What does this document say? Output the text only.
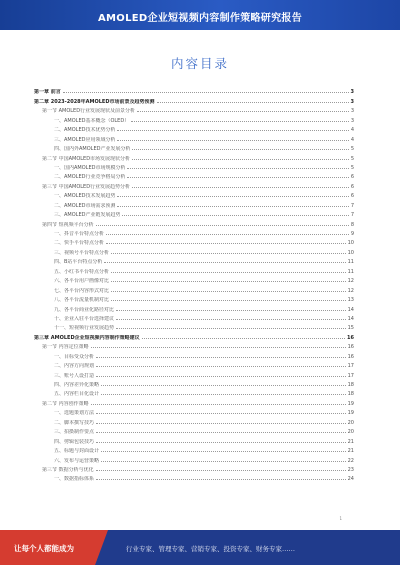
AMOLED企业短视频内容制作策略研究报告
内容目录
第一章 前言	3
第二章 2023-2028年AMOLED市场前景及趋势预测	3
第一节 AMOLED行业发展现状及前景分析	3
一、AMOLED基本概念（OLED）	3
二、AMOLED技术优势分析	4
三、AMOLED应用领域分析	4
四、国内外AMOLED产业发展分析	5
第二节 中国AMOLED市场发展现状分析	5
一、国内AMOLED市场规模分析	5
二、AMOLED行业竞争格局分析	6
第三节 中国AMOLED行业发展趋势分析	6
一、AMOLED技术发展趋势	6
二、AMOLED市场需求预测	7
三、AMOLED产业链发展趋势	7
第四节 短视频平台分析	8
一、抖音平台特点分析	9
二、快手平台特点分析	10
三、视频号平台特点分析	10
四、B站平台特点分析	11
五、小红书平台特点分析	11
六、各平台用户画像对比	12
七、各平台内容形式对比	12
八、各平台流量机制对比	13
九、各平台商业化路径对比	14
十、企业入驻平台选择建议	14
十一、短视频行业发展趋势	15
第三章 AMOLED企业短视频内容制作策略建议	16
第一节 内容定位策略	16
一、目标受众分析	16
二、内容方向规划	17
三、账号人设打造	17
四、内容差异化策略	18
五、内容栏目化设计	18
第二节 内容创作策略	19
一、选题策划方法	19
二、脚本撰写技巧	20
三、拍摄制作要点	20
四、剪辑包装技巧	21
五、标题与封面设计	21
六、发布与运营策略	22
第三节 数据分析与优化	23
一、数据指标体系	24
1
让每个人都能成为	行业专家、管理专家、营销专家、投资专家、财务专家……
